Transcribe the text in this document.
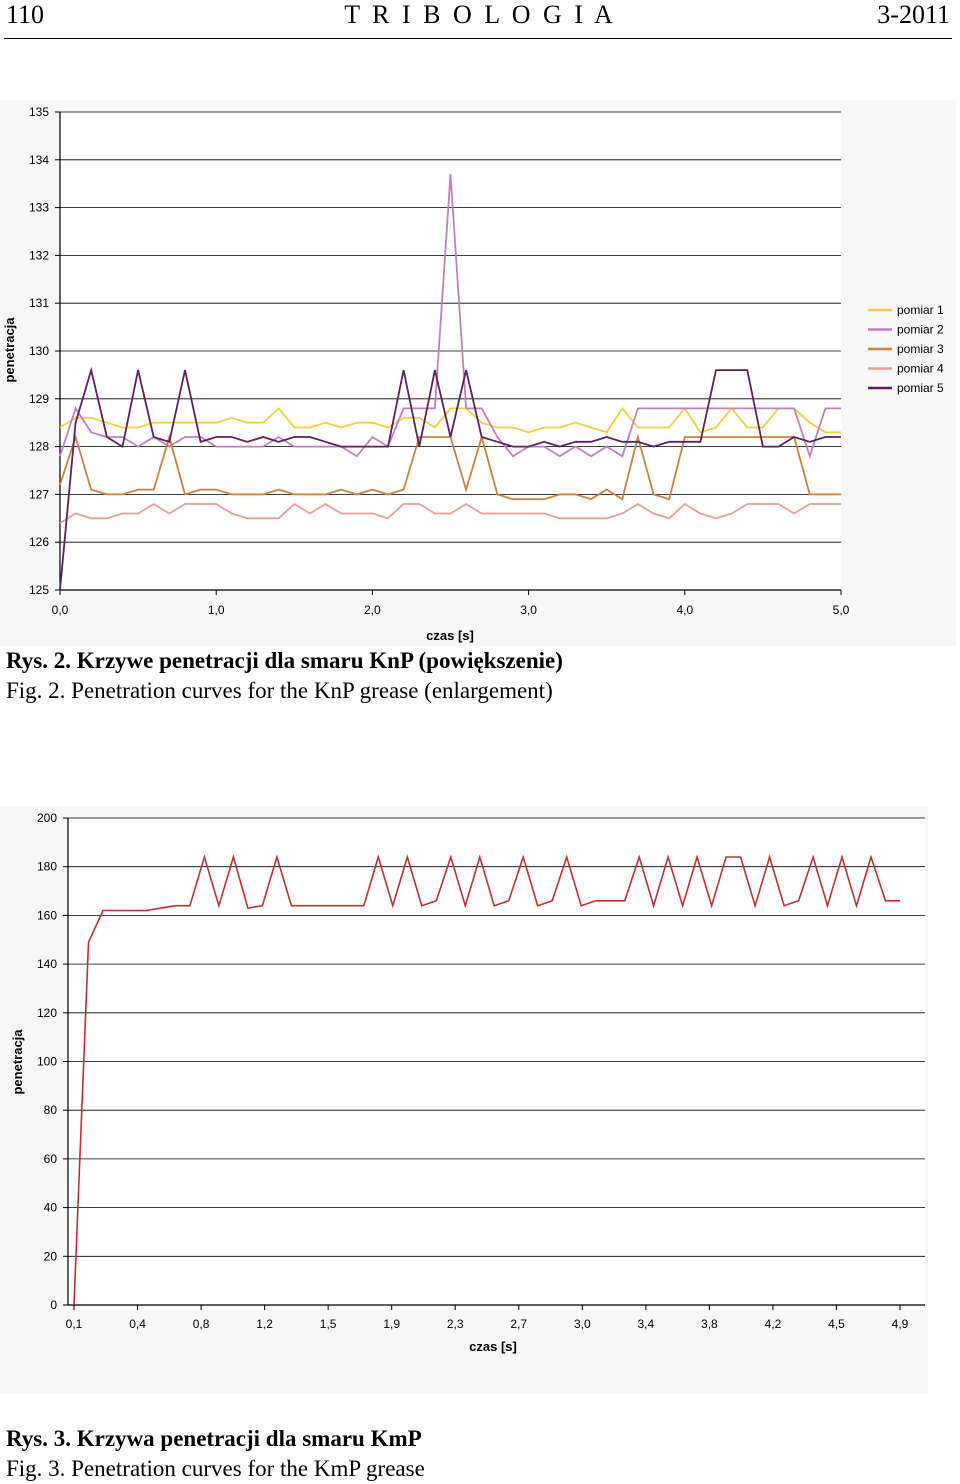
110	T R I B O L O G I A	3-2011
125
126
127
128
129
130
131
132
133
134
135
0,0	1,0	2,0	3,0	4,0	5,0
czas [s]
penetracja
pomiar 1
pomiar 2
pomiar 3
pomiar 4
pomiar 5
Rys. 2. Krzywe penetracji dla smaru KnP (powiększenie)
Fig. 2. Penetration curves for the KnP grease (enlargement)
0
20
40
60
80
100
120
140
160
180
200
0,1	0,4	0,8	1,2	1,5	1,9	2,3	2,7	3,0	3,4	3,8	4,2	4,5	4,9
czas [s]
penetracja
Rys. 3. Krzywa penetracji dla smaru KmP
Fig. 3. Penetration curves for the KmP grease
